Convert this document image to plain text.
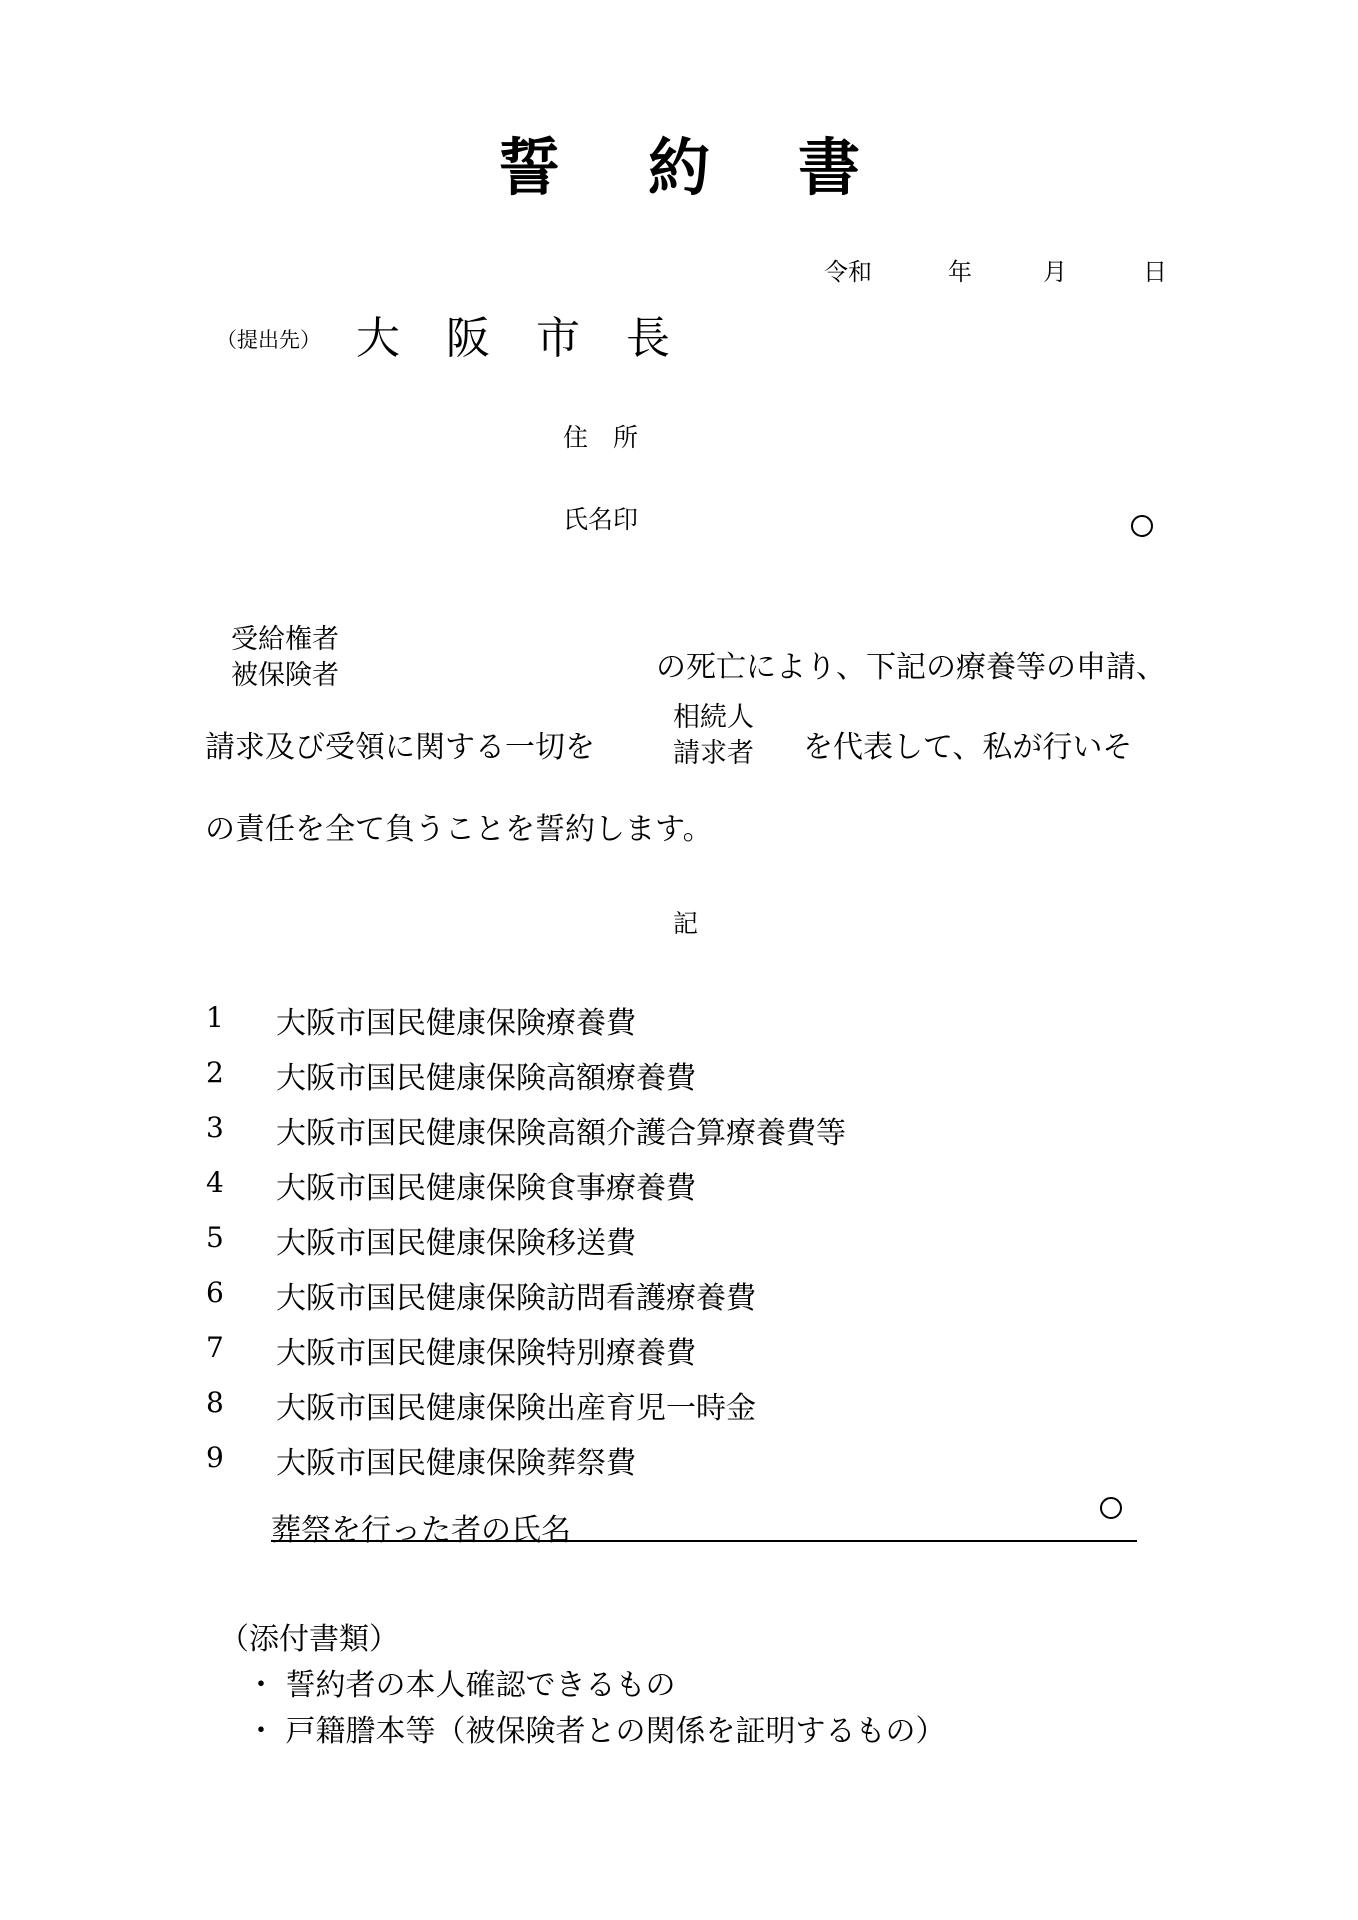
誓 約 書
令和	年	月	日
（提出先） 大 阪 市 長
住　所
氏名印
受給権者
被保険者	の死亡により、下記の療養等の申請、
請求及び受領に関する一切を
相続人
請求者 を代表して、私が行いそ
の責任を全て負うことを誓約します。
記
1 大阪市国民健康保険療養費
2 大阪市国民健康保険高額療養費
3 大阪市国民健康保険高額介護合算療養費等
4 大阪市国民健康保険食事療養費
5 大阪市国民健康保険移送費
6 大阪市国民健康保険訪問看護療養費
7 大阪市国民健康保険特別療養費
8 大阪市国民健康保険出産育児一時金
9 大阪市国民健康保険葬祭費
葬祭を行った者の氏名
（添付書類）
・ 誓約者の本人確認できるもの
・ 戸籍謄本等（被保険者との関係を証明するもの）
